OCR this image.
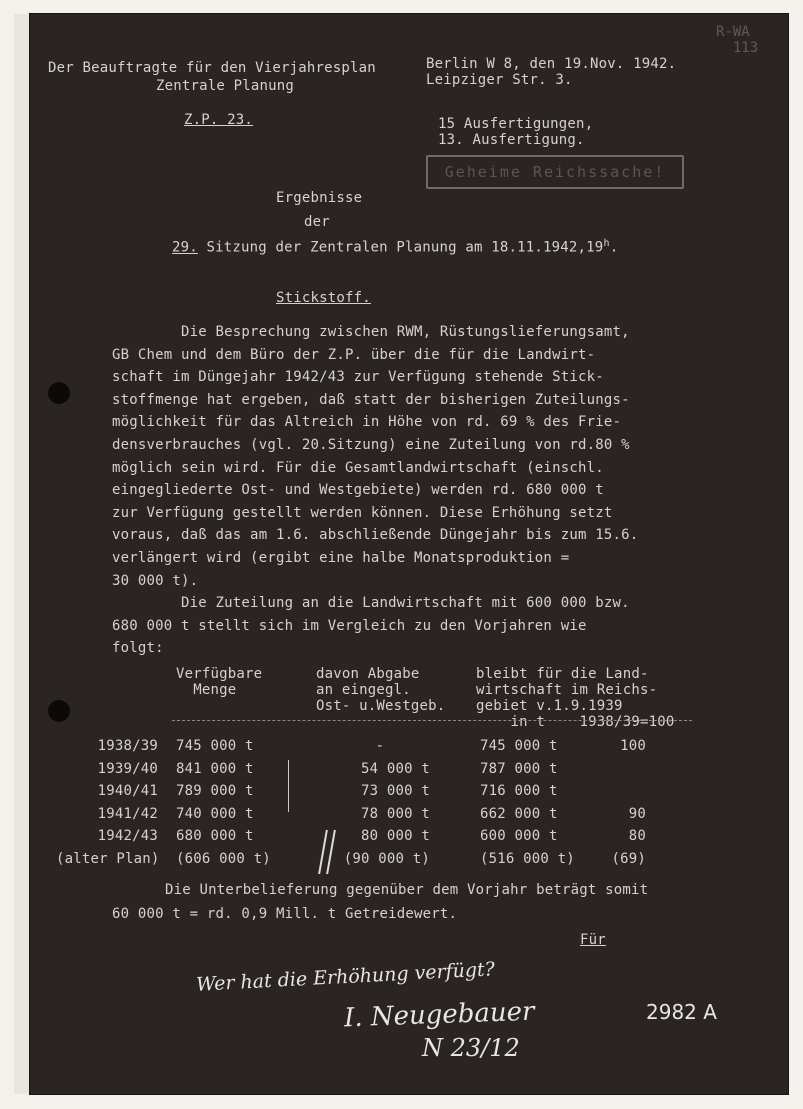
Der Beauftragte für den Vierjahresplan
Zentrale Planung
Z.P. 23.
Berlin W 8, den 19.Nov. 1942.
Leipziger Str. 3.
15 Ausfertigungen,
13. Ausfertigung.
Geheime Reichssache!
R-WA
113
Ergebnisse
der
29. Sitzung der Zentralen Planung am 18.11.1942,19$^h$.
Stickstoff.
Die Besprechung zwischen RWM, Rüstungslieferungsamt,
GB Chem und dem Büro der Z.P. über die für die Landwirt-
schaft im Düngejahr 1942/43 zur Verfügung stehende Stick-
stoffmenge hat ergeben, daß statt der bisherigen Zuteilungs-
möglichkeit für das Altreich in Höhe von rd. 69 % des Frie-
densverbrauches (vgl. 20.Sitzung) eine Zuteilung von rd.80 %
möglich sein wird. Für die Gesamtlandwirtschaft (einschl.
eingegliederte Ost- und Westgebiete) werden rd. 680 000 t
zur Verfügung gestellt werden können. Diese Erhöhung setzt
voraus, daß das am 1.6. abschließende Düngejahr bis zum 15.6.
verlängert wird (ergibt eine halbe Monatsproduktion =
30 000 t).
Die Zuteilung an die Landwirtschaft mit 600 000 bzw.
680 000 t stellt sich im Vergleich zu den Vorjahren wie
folgt:
Verfügbare
Menge
davon Abgabe
an eingegl.
Ost- u.Westgeb.
bleibt für die Land-
wirtschaft im Reichs-
gebiet v.1.9.1939
in t    1938/39=100
1938/39 745 000 t	-	745 000 t	100
1939/40 841 000 t	54 000 t	787 000 t
1940/41 789 000 t	73 000 t	716 000 t
1941/42 740 000 t	78 000 t	662 000 t	90
1942/43 680 000 t	80 000 t	600 000 t	80
(alter Plan) (606 000 t)	(90 000 t)	(516 000 t)	(69)
Die Unterbelieferung gegenüber dem Vorjahr beträgt somit
60 000 t = rd. 0,9 Mill. t Getreidewert.
Für
Wer hat die Erhöhung verfügt?
I. Neugebauer
N 23/12
2982 A
